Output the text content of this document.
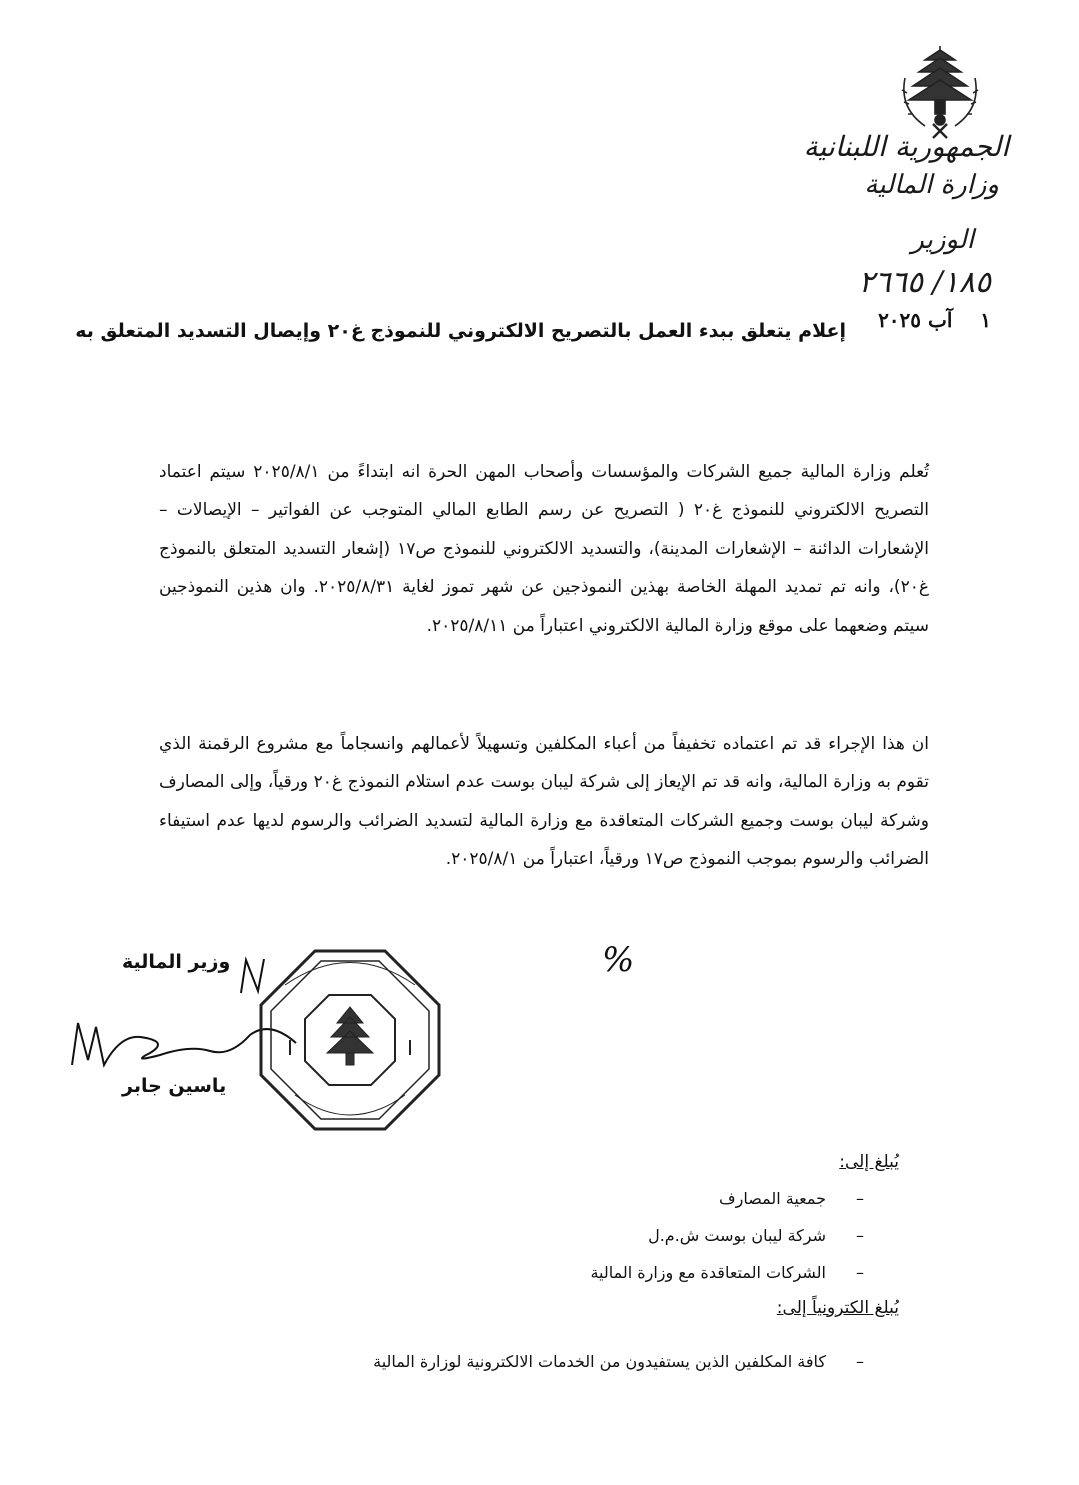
الجمهورية اللبنانية
وزارة المالية
الوزير
١٨٥/ ٢٦٦٥
١    آب ٢٠٢٥
إعلام يتعلق ببدء العمل بالتصريح الالكتروني للنموذج غ٢٠ وإيصال التسديد المتعلق به

تُعلم وزارة المالية جميع الشركات والمؤسسات وأصحاب المهن الحرة انه ابتداءً من ٢٠٢٥/٨/١ سيتم اعتماد التصريح الالكتروني للنموذج غ٢٠ ( التصريح عن رسم الطابع المالي المتوجب عن الفواتير – الإيصالات – الإشعارات الدائنة – الإشعارات المدينة)، والتسديد الالكتروني للنموذج ص١٧ (إشعار التسديد المتعلق بالنموذج غ٢٠)، وانه تم تمديد المهلة الخاصة بهذين النموذجين عن شهر تموز لغاية ٢٠٢٥/٨/٣١. وان هذين النموذجين سيتم وضعهما على موقع وزارة المالية الالكتروني اعتباراً من ٢٠٢٥/٨/١١.

ان هذا الإجراء قد تم اعتماده تخفيفاً من أعباء المكلفين وتسهيلاً لأعمالهم وانسجاماً مع مشروع الرقمنة الذي تقوم به وزارة المالية، وانه قد تم الإيعاز إلى شركة ليبان بوست عدم استلام النموذج غ٢٠ ورقياً، وإلى المصارف وشركة ليبان بوست وجميع الشركات المتعاقدة مع وزارة المالية لتسديد الضرائب والرسوم لديها عدم استيفاء الضرائب والرسوم بموجب النموذج ص١٧ ورقياً، اعتباراً من ٢٠٢٥/٨/١.

%
وزير المالية
ياسين جابر
يُبلغ إلى:
– جمعية المصارف
– شركة ليبان بوست ش.م.ل
– الشركات المتعاقدة مع وزارة المالية
يُبلغ الكترونياً إلى:
– كافة المكلفين الذين يستفيدون من الخدمات الالكترونية لوزارة المالية
